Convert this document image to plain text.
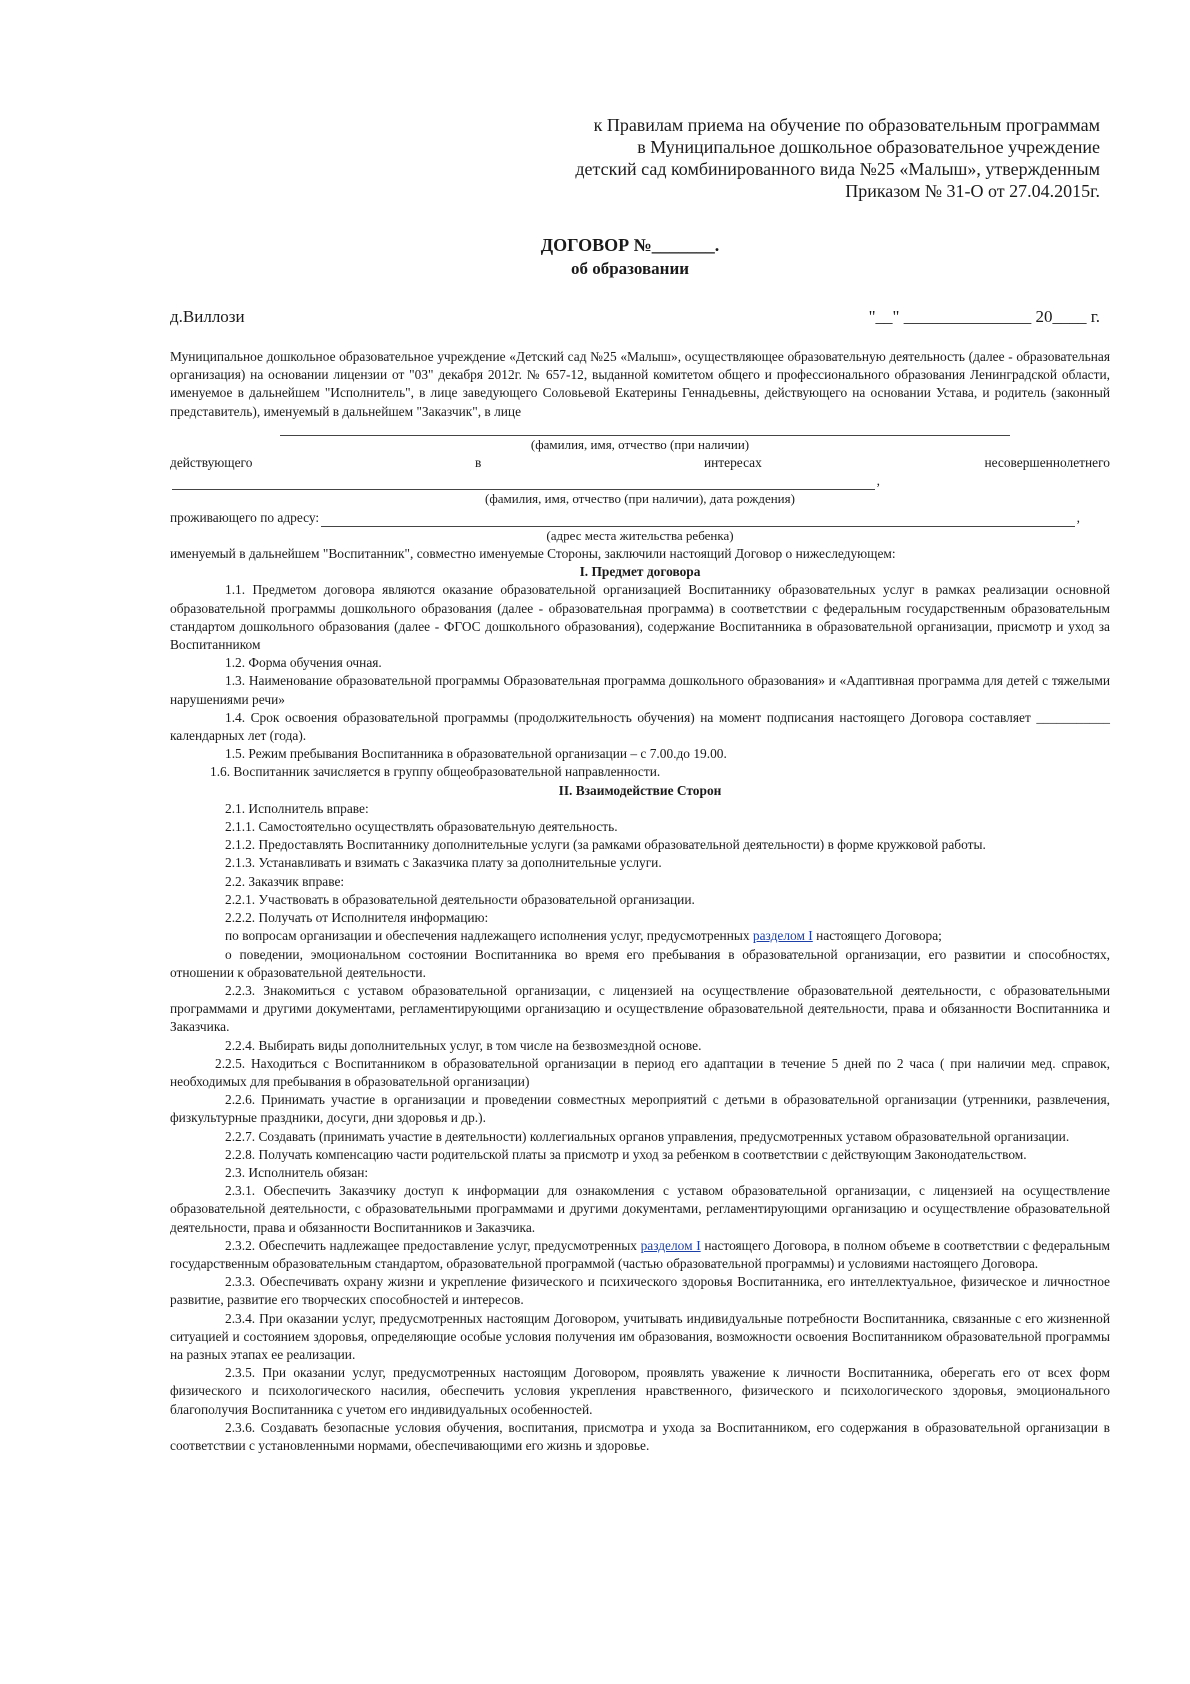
к Правилам приема на обучение по образовательным программам
в Муниципальное дошкольное образовательное учреждение
детский сад комбинированного вида №25 «Малыш», утвержденным
Приказом № 31-О от 27.04.2015г.
ДОГОВОР №_______.
об образовании
д.Виллози	"__" _______________ 20____ г.

Муниципальное дошкольное образовательное учреждение «Детский сад №25 «Малыш», осуществляющее образовательную деятельность (далее - образовательная организация) на основании лицензии от "03" декабря 2012г. № 657-12, выданной комитетом общего и профессионального образования Ленинградской области, именуемое в дальнейшем "Исполнитель", в лице заведующего Соловьевой Екатерины Геннадьевны, действующего на основании Устава, и родитель (законный представитель), именуемый в дальнейшем "Заказчик", в лице

(фамилия, имя, отчество (при наличии)

действующего	в	интересах	несовершеннолетнего
,

(фамилия, имя, отчество (при наличии), дата рождения)

проживающего по адресу:	,

(адрес места жительства ребенка)

именуемый в дальнейшем "Воспитанник", совместно именуемые Стороны, заключили настоящий Договор о нижеследующем:

I. Предмет договора

1.1. Предметом договора являются оказание образовательной организацией Воспитаннику образовательных услуг в рамках реализации основной образовательной программы дошкольного образования (далее - образовательная программа) в соответствии с федеральным государственным образовательным стандартом дошкольного образования (далее - ФГОС дошкольного образования), содержание Воспитанника в образовательной организации, присмотр и уход за Воспитанником

1.2. Форма обучения очная.

1.3. Наименование образовательной программы Образовательная программа дошкольного образования» и «Адаптивная программа для детей с тяжелыми нарушениями речи»

1.4. Срок освоения образовательной программы (продолжительность обучения) на момент подписания настоящего Договора составляет ___________ календарных лет (года).

1.5. Режим пребывания Воспитанника в образовательной организации – с 7.00.до 19.00.

1.6. Воспитанник зачисляется в группу общеобразовательной направленности.

II. Взаимодействие Сторон

2.1. Исполнитель вправе:

2.1.1. Самостоятельно осуществлять образовательную деятельность.

2.1.2. Предоставлять Воспитаннику дополнительные услуги (за рамками образовательной деятельности) в форме кружковой работы.

2.1.3. Устанавливать и взимать с Заказчика плату за дополнительные услуги.

2.2. Заказчик вправе:

2.2.1. Участвовать в образовательной деятельности образовательной организации.

2.2.2. Получать от Исполнителя информацию:

по вопросам организации и обеспечения надлежащего исполнения услуг, предусмотренных разделом I настоящего Договора;

о поведении, эмоциональном состоянии Воспитанника во время его пребывания в образовательной организации, его развитии и способностях, отношении к образовательной деятельности.

2.2.3. Знакомиться с уставом образовательной организации, с лицензией на осуществление образовательной деятельности, с образовательными программами и другими документами, регламентирующими организацию и осуществление образовательной деятельности, права и обязанности Воспитанника и Заказчика.

2.2.4. Выбирать виды дополнительных услуг, в том числе на безвозмездной основе.

2.2.5. Находиться с Воспитанником в образовательной организации в период его адаптации в течение 5 дней по 2 часа ( при наличии мед. справок, необходимых для пребывания в образовательной организации)

2.2.6. Принимать участие в организации и проведении совместных мероприятий с детьми в образовательной организации (утренники, развлечения, физкультурные праздники, досуги, дни здоровья и др.).

2.2.7. Создавать (принимать участие в деятельности) коллегиальных органов управления, предусмотренных уставом образовательной организации.

2.2.8. Получать компенсацию части родительской платы за присмотр и уход за ребенком в соответствии с действующим Законодательством.

2.3. Исполнитель обязан:

2.3.1. Обеспечить Заказчику доступ к информации для ознакомления с уставом образовательной организации, с лицензией на осуществление образовательной деятельности, с образовательными программами и другими документами, регламентирующими организацию и осуществление образовательной деятельности, права и обязанности Воспитанников и Заказчика.

2.3.2. Обеспечить надлежащее предоставление услуг, предусмотренных разделом I настоящего Договора, в полном объеме в соответствии с федеральным государственным образовательным стандартом, образовательной программой (частью образовательной программы) и условиями настоящего Договора.

2.3.3. Обеспечивать охрану жизни и укрепление физического и психического здоровья Воспитанника, его интеллектуальное, физическое и личностное развитие, развитие его творческих способностей и интересов.

2.3.4. При оказании услуг, предусмотренных настоящим Договором, учитывать индивидуальные потребности Воспитанника, связанные с его жизненной ситуацией и состоянием здоровья, определяющие особые условия получения им образования, возможности освоения Воспитанником образовательной программы на разных этапах ее реализации.

2.3.5. При оказании услуг, предусмотренных настоящим Договором, проявлять уважение к личности Воспитанника, оберегать его от всех форм физического и психологического насилия, обеспечить условия укрепления нравственного, физического и психологического здоровья, эмоционального благополучия Воспитанника с учетом его индивидуальных особенностей.

2.3.6. Создавать безопасные условия обучения, воспитания, присмотра и ухода за Воспитанником, его содержания в образовательной организации в соответствии с установленными нормами, обеспечивающими его жизнь и здоровье.
